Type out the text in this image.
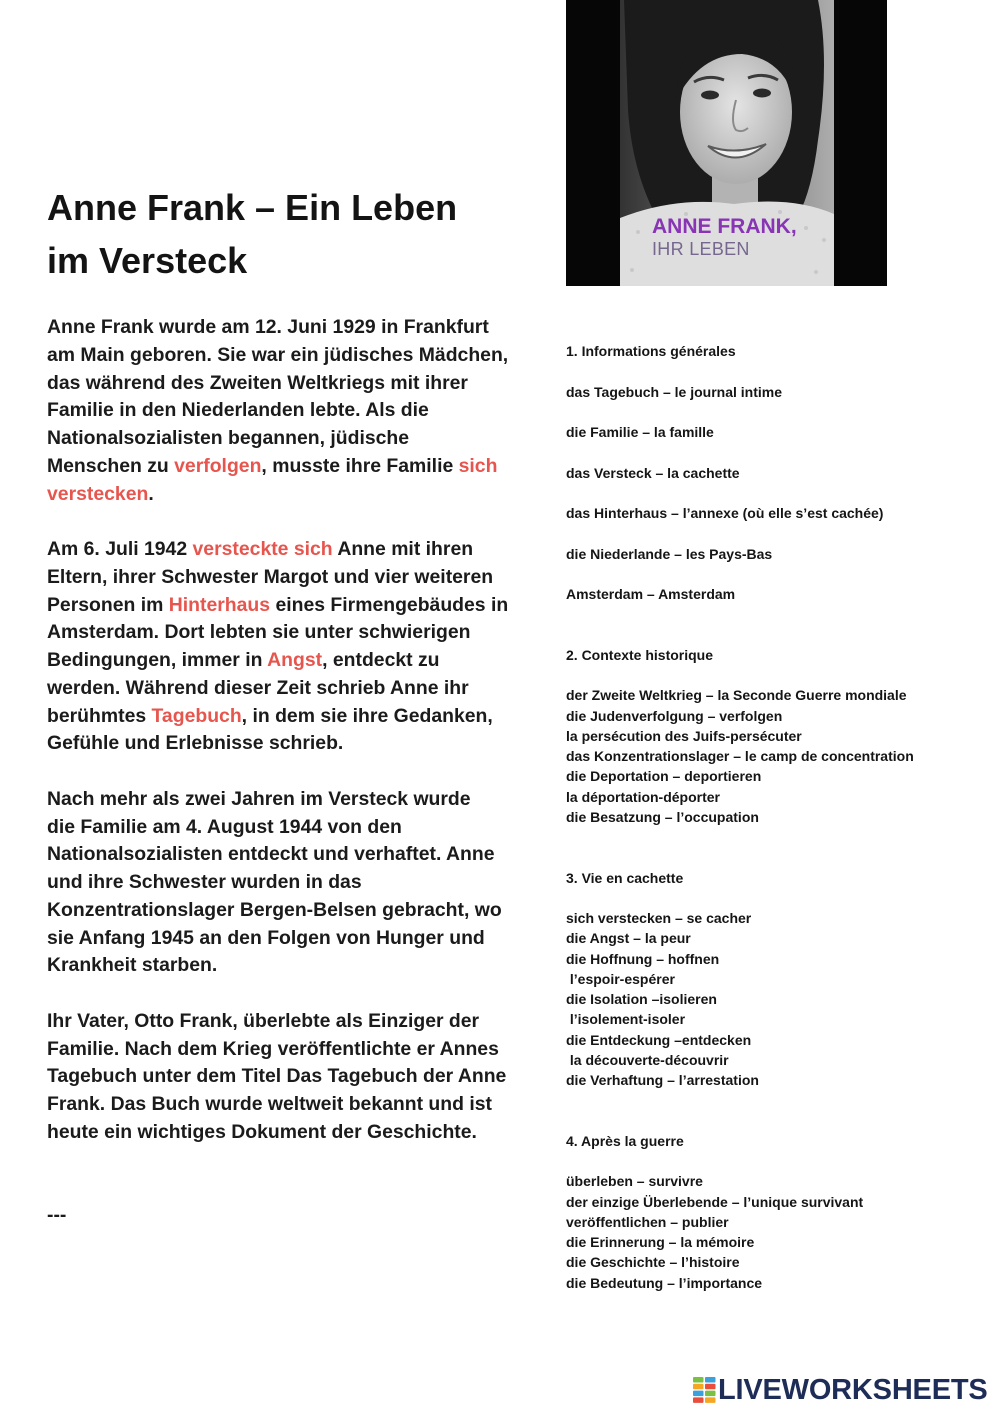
Anne Frank – Ein Leben
im Versteck
ANNE FRANK,
IHR LEBEN
Anne Frank wurde am 12. Juni 1929 in Frankfurt
am Main geboren. Sie war ein jüdisches Mädchen,
das während des Zweiten Weltkriegs mit ihrer
Familie in den Niederlanden lebte. Als die
Nationalsozialisten begannen, jüdische
Menschen zu verfolgen, musste ihre Familie sich
verstecken.
Am 6. Juli 1942 versteckte sich Anne mit ihren
Eltern, ihrer Schwester Margot und vier weiteren
Personen im Hinterhaus eines Firmengebäudes in
Amsterdam. Dort lebten sie unter schwierigen
Bedingungen, immer in Angst, entdeckt zu
werden. Während dieser Zeit schrieb Anne ihr
berühmtes Tagebuch, in dem sie ihre Gedanken,
Gefühle und Erlebnisse schrieb.
Nach mehr als zwei Jahren im Versteck wurde
die Familie am 4. August 1944 von den
Nationalsozialisten entdeckt und verhaftet. Anne
und ihre Schwester wurden in das
Konzentrationslager Bergen-Belsen gebracht, wo
sie Anfang 1945 an den Folgen von Hunger und
Krankheit starben.
Ihr Vater, Otto Frank, überlebte als Einziger der
Familie. Nach dem Krieg veröffentlichte er Annes
Tagebuch unter dem Titel Das Tagebuch der Anne
Frank. Das Buch wurde weltweit bekannt und ist
heute ein wichtiges Dokument der Geschichte.
---
1. Informations générales
das Tagebuch – le journal intime
die Familie – la famille
das Versteck – la cachette
das Hinterhaus – l’annexe (où elle s’est cachée)
die Niederlande – les Pays-Bas
Amsterdam – Amsterdam
2. Contexte historique
der Zweite Weltkrieg – la Seconde Guerre mondiale
die Judenverfolgung – verfolgen
la persécution des Juifs-persécuter
das Konzentrationslager – le camp de concentration
die Deportation – deportieren
la déportation-déporter
die Besatzung – l’occupation
3. Vie en cachette
sich verstecken – se cacher
die Angst – la peur
die Hoffnung – hoffnen
l’espoir-espérer
die Isolation –isolieren
l’isolement-isoler
die Entdeckung –entdecken
la découverte-découvrir
die Verhaftung – l’arrestation
4. Après la guerre
überleben – survivre
der einzige Überlebende – l’unique survivant
veröffentlichen – publier
die Erinnerung – la mémoire
die Geschichte – l’histoire
die Bedeutung – l’importance
LIVEWORKSHEETS
